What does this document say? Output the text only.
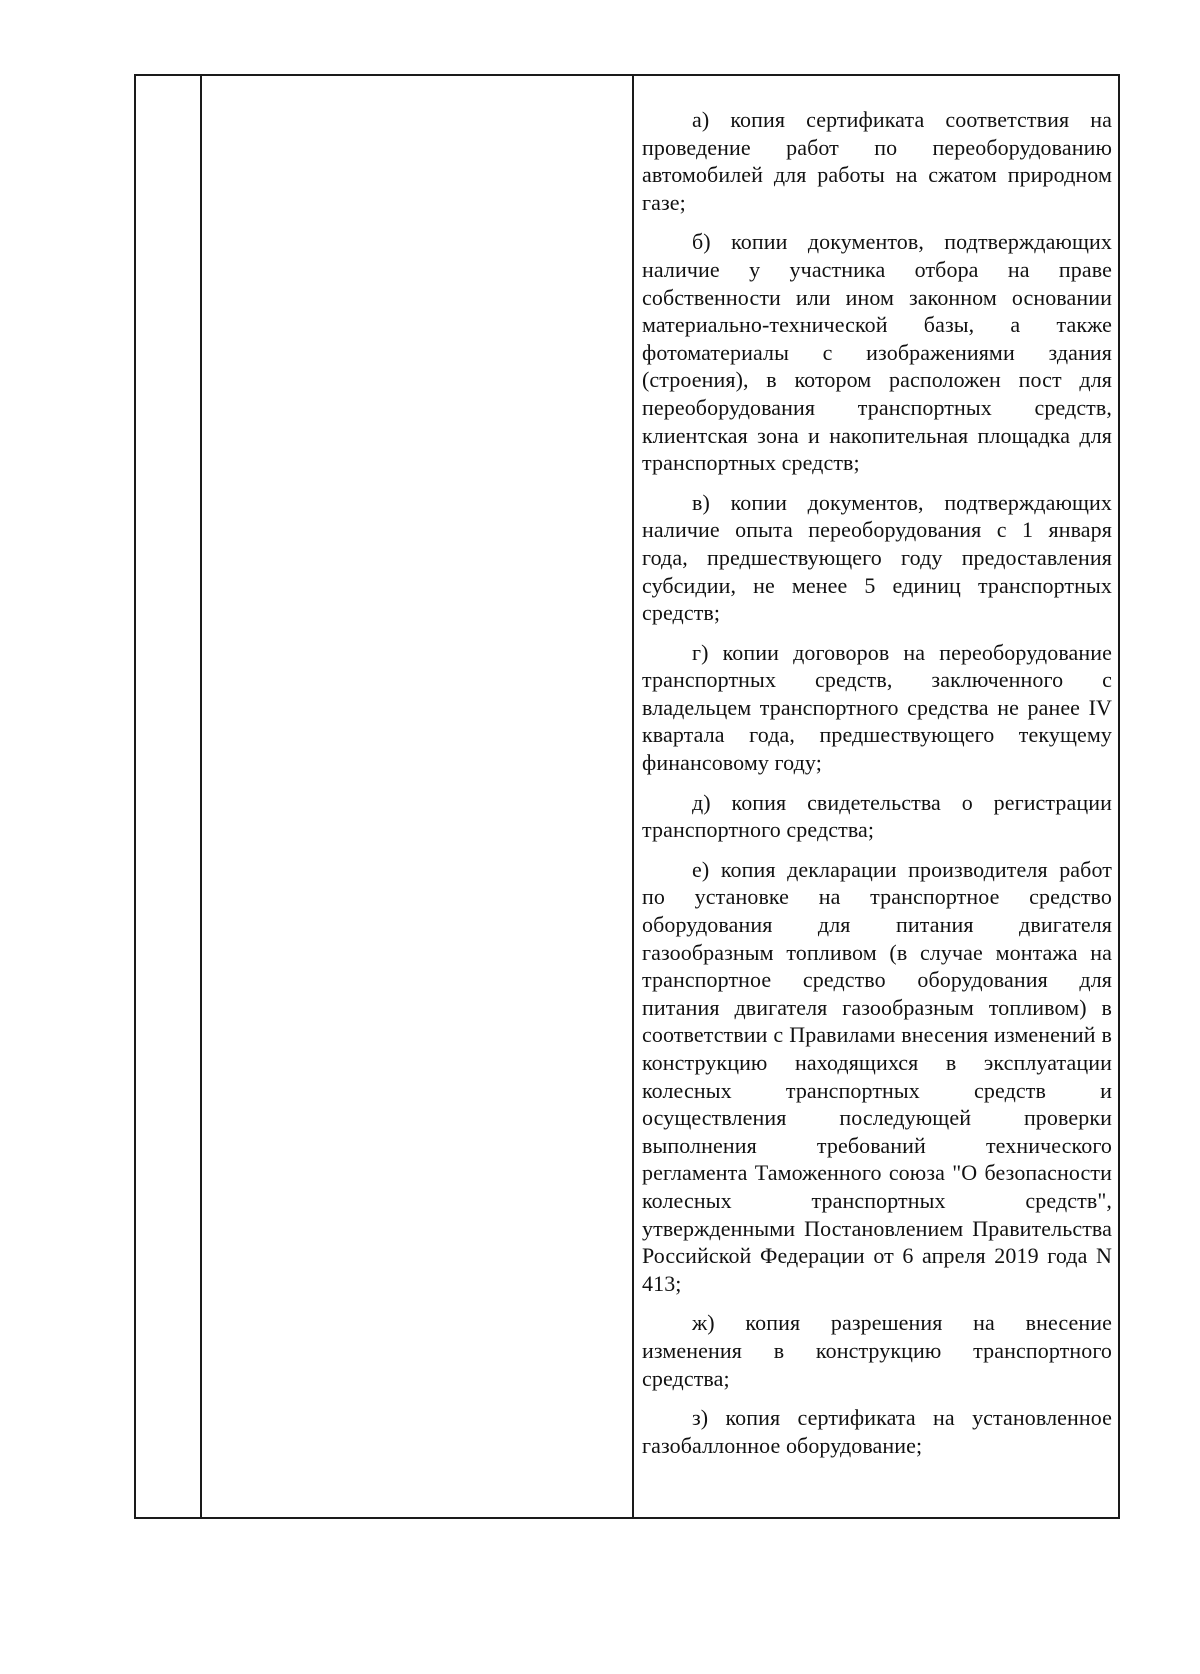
а) копия сертификата соответствия на проведение работ по переоборудованию автомобилей для работы на сжатом природном газе;

б) копии документов, подтверждающих наличие у участника отбора на праве собственности или ином законном основании материально-технической базы, а также фотоматериалы с изображениями здания (строения), в котором расположен пост для переоборудования транспортных средств, клиентская зона и накопительная площадка для транспортных средств;

в) копии документов, подтверждающих наличие опыта переоборудования с 1 января года, предшествующего году предоставления субсидии, не менее 5 единиц транспортных средств;

г) копии договоров на переоборудование транспортных средств, заключенного с владельцем транспортного средства не ранее IV квартала года, предшествующего текущему финансовому году;

д) копия свидетельства о регистрации транспортного средства;

е) копия декларации производителя работ по установке на транспортное средство оборудования для питания двигателя газообразным топливом (в случае монтажа на транспортное средство оборудования для питания двигателя газообразным топливом) в соответствии с Правилами внесения изменений в конструкцию находящихся в эксплуатации колесных транспортных средств и осуществления последующей проверки выполнения требований технического регламента Таможенного союза "О безопасности колесных транспортных средств", утвержденными Постановлением Правительства Российской Федерации от 6 апреля 2019 года N 413;

ж) копия разрешения на внесение изменения в конструкцию транспортного средства;

з) копия сертификата на установленное газобаллонное оборудование;
